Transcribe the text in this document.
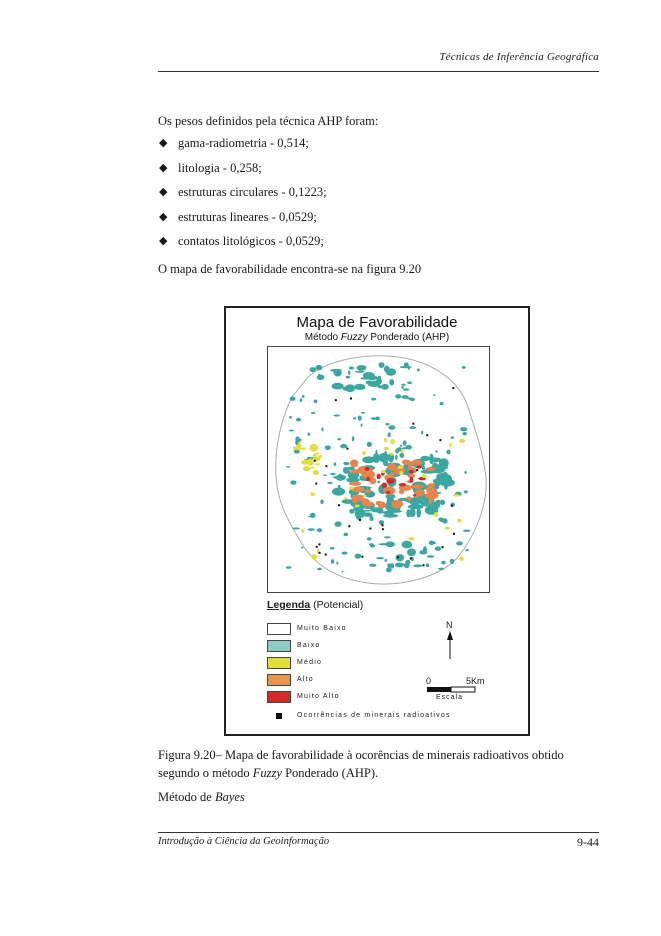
Técnicas de Inferência Geográfica
Os pesos definidos pela técnica AHP foram:
◆ gama-radiometria - 0,514;
◆ litologia - 0,258;
◆ estruturas circulares - 0,1223;
◆ estruturas lineares - 0,0529;
◆ contatos litológicos - 0,0529;
O mapa de favorabilidade encontra-se na figura 9.20
Mapa de Favorabilidade
Método Fuzzy Ponderado (AHP)
Legenda (Potencial)
Muito Baixo
Baixo
Médio
Alto
Muito Alto
Ocorrências de minerais radioativos
N
0	5Km
Escala
Figura 9.20– Mapa de favorabilidade à ocorências de minerais radioativos obtido
segundo o método Fuzzy Ponderado (AHP).
Método de Bayes
Introdução à Ciência da Geoinformação	9-44
